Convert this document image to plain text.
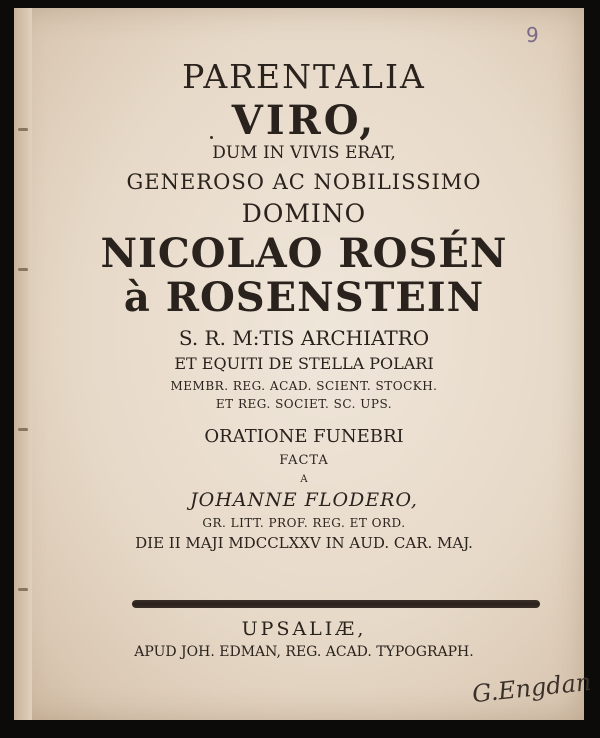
9
PARENTALIA
VIRO,
DUM IN VIVIS ERAT,
GENEROSO AC NOBILISSIMO
DOMINO
NICOLAO ROSÉN
à ROSENSTEIN
S. R. M:TIS ARCHIATRO
ET EQUITI DE STELLA POLARI
MEMBR. REG. ACAD. SCIENT. STOCKH.
ET REG. SOCIET. SC. UPS.
ORATIONE FUNEBRI
FACTA
A
JOHANNE FLODERO,
GR. LITT. PROF. REG. ET ORD.
DIE II MAJI MDCCLXXV IN AUD. CAR. MAJ.
UPSALIÆ,
APUD JOH. EDMAN, REG. ACAD. TYPOGRAPH.
G.Engdan
